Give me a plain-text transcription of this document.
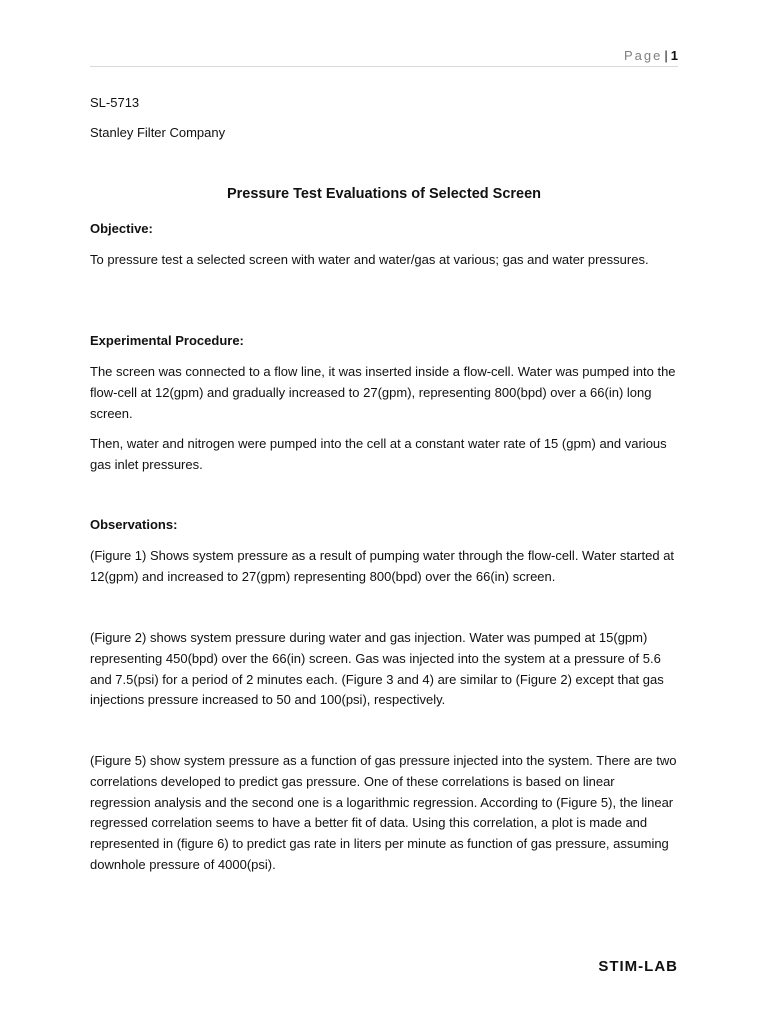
Page | 1

SL-5713

Stanley Filter Company

Pressure Test Evaluations of Selected Screen

Objective:

To pressure test a selected screen with water and water/gas at various; gas and water pressures.

Experimental Procedure:

The screen was connected to a flow line, it was inserted inside a flow-cell. Water was pumped into the flow-cell at 12(gpm) and gradually increased to 27(gpm), representing 800(bpd) over a 66(in) long screen.

Then, water and nitrogen were pumped into the cell at a constant water rate of 15 (gpm) and various gas inlet pressures.

Observations:

(Figure 1) Shows system pressure as a result of pumping water through the flow-cell. Water started at 12(gpm) and increased to 27(gpm) representing 800(bpd) over the 66(in) screen.

(Figure 2) shows system pressure during water and gas injection. Water was pumped at 15(gpm) representing 450(bpd) over the 66(in) screen. Gas was injected into the system at a pressure of 5.6 and 7.5(psi) for a period of 2 minutes each. (Figure 3 and 4) are similar to (Figure 2) except that gas injections pressure increased to 50 and 100(psi), respectively.

(Figure 5) show system pressure as a function of gas pressure injected into the system. There are two correlations developed to predict gas pressure. One of these correlations is based on linear regression analysis and the second one is a logarithmic regression. According to (Figure 5), the linear regressed correlation seems to have a better fit of data. Using this correlation, a plot is made and represented in (figure 6) to predict gas rate in liters per minute as function of gas pressure, assuming downhole pressure of 4000(psi).

STIM-LAB
